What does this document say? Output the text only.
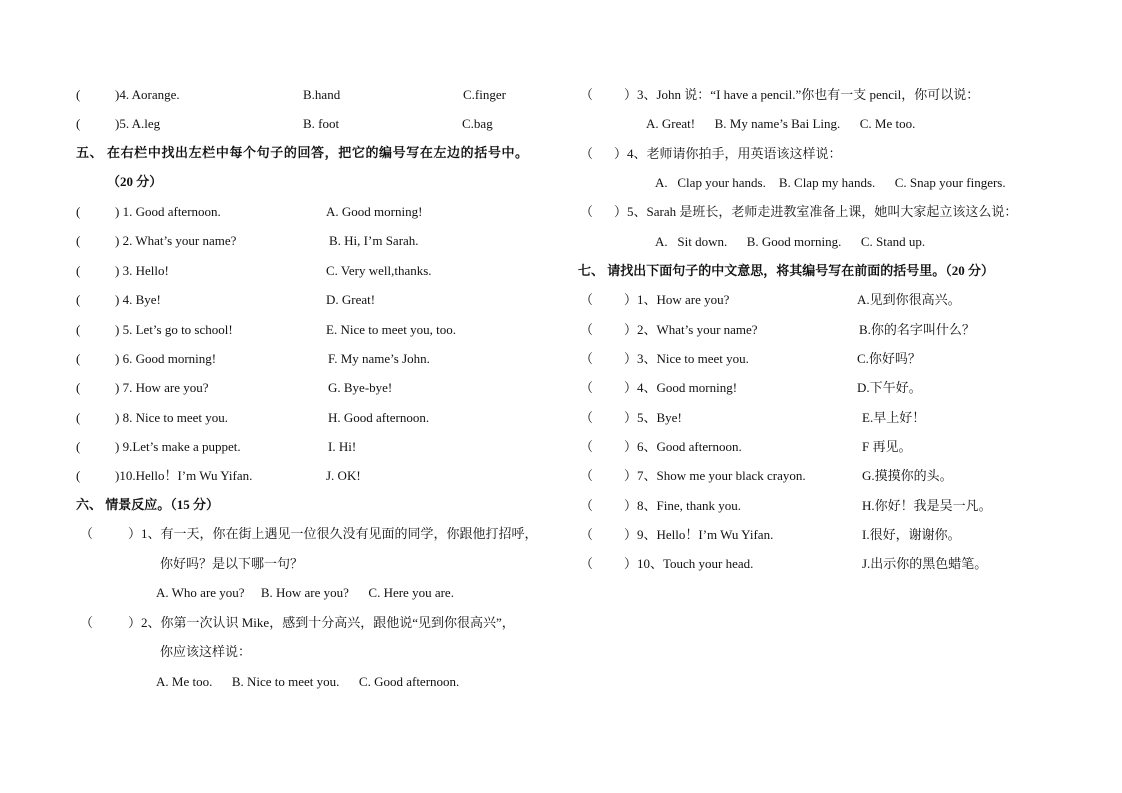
(	)4. Aorange.	B.hand	C.finger
(	)5. A.leg	B. foot	C.bag
五、 在右栏中找出左栏中每个句子的回答，把它的编号写在左边的括号中。
（20 分）
(	) 1. Good afternoon.	A. Good morning!
(	) 2. What’s your name?	B. Hi, I’m Sarah.
(	) 3. Hello!	C. Very well,thanks.
(	) 4. Bye!	D. Great!
(	) 5. Let’s go to school!	E. Nice to meet you, too.
(	) 6. Good morning!	F. My name’s John.
(	) 7. How are you?	G. Bye-bye!
(	) 8. Nice to meet you.	H. Good afternoon.
(	) 9.Let’s make a puppet.	I. Hi!
(	)10.Hello！I’m Wu Yifan.	J. OK!
六、 情景反应。（15 分）
（	）1、有一天，你在街上遇见一位很久没有见面的同学，你跟他打招呼，
你好吗？是以下哪一句？
A. Who are you?     B. How are you?      C. Here you are.
（	）2、你第一次认识 Mike，感到十分高兴，跟他说“见到你很高兴”，
你应该这样说：
A. Me too.      B. Nice to meet you.      C. Good afternoon.
（ ）3、John 说：“I have a pencil.”你也有一支 pencil，你可以说：
A. Great!      B. My name’s Bai Ling.      C. Me too.
（ ）4、老师请你拍手，用英语该这样说：
A.   Clap your hands.    B. Clap my hands.      C. Snap your fingers.
（ ）5、Sarah 是班长，老师走进教室准备上课，她叫大家起立该这么说：
A.   Sit down.      B. Good morning.      C. Stand up.
七、 请找出下面句子的中文意思，将其编号写在前面的括号里。（20 分）
（ ）1、How are you?	A.见到你很高兴。
（ ）2、What’s your name?	B.你的名字叫什么？
（ ）3、Nice to meet you.	C.你好吗？
（ ）4、Good morning!	D.下午好。
（ ）5、Bye!	E.早上好！
（ ）6、Good afternoon.	F 再见。
（ ）7、Show me your black crayon.	G.摸摸你的头。
（ ）8、Fine, thank you.	H.你好！我是吴一凡。
（ ）9、Hello！I’m Wu Yifan.	I.很好，谢谢你。
（ ）10、Touch your head.	J.出示你的黑色蜡笔。
